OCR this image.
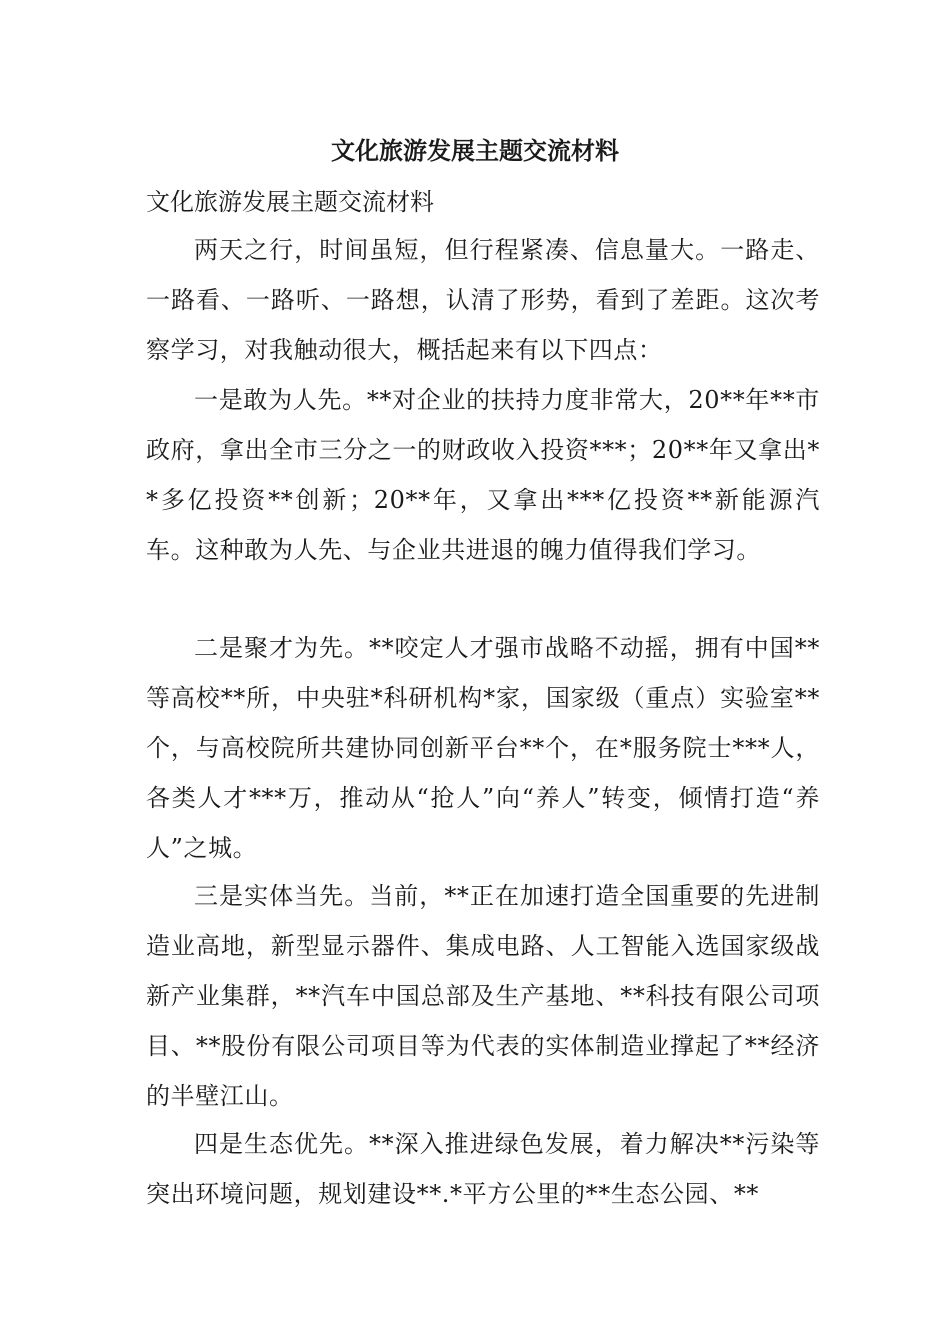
文化旅游发展主题交流材料
文化旅游发展主题交流材料

两天之行，时间虽短，但行程紧凑、信息量大。一路走、一路看、一路听、一路想，认清了形势，看到了差距。这次考察学习，对我触动很大，概括起来有以下四点：

一是敢为人先。**对企业的扶持力度非常大，20**年**市政府，拿出全市三分之一的财政收入投资***；20**年又拿出**多亿投资**创新；20**年，又拿出***亿投资**新能源汽车。这种敢为人先、与企业共进退的魄力值得我们学习。

二是聚才为先。**咬定人才强市战略不动摇，拥有中国**等高校**所，中央驻*科研机构*家，国家级（重点）实验室**个，与高校院所共建协同创新平台**个，在*服务院士***人，各类人才***万，推动从“抢人”向“养人”转变，倾情打造“养人”之城。

三是实体当先。当前，**正在加速打造全国重要的先进制造业高地，新型显示器件、集成电路、人工智能入选国家级战新产业集群，**汽车中国总部及生产基地、**科技有限公司项目、**股份有限公司项目等为代表的实体制造业撑起了**经济的半壁江山。

四是生态优先。**深入推进绿色发展，着力解决**污染等突出环境问题，规划建设**.*平方公里的**生态公园、**
